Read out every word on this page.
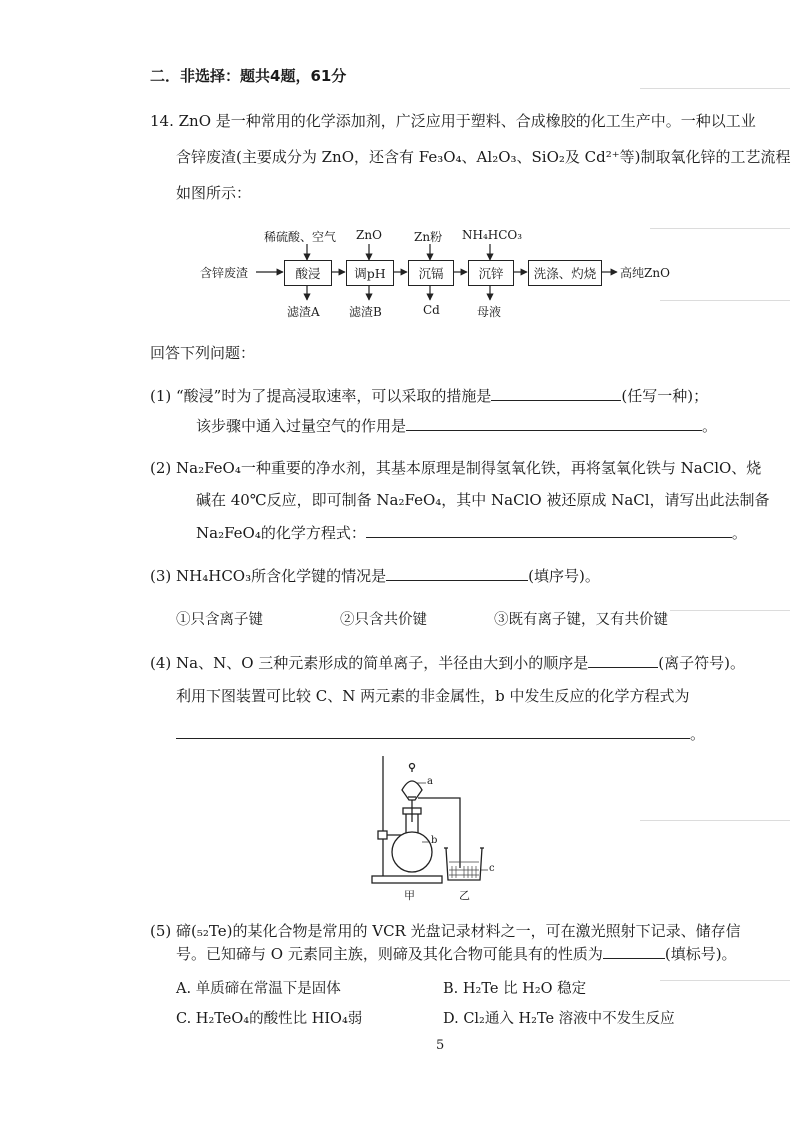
二．非选择：题共4题，61分
14. ZnO 是一种常用的化学添加剂，广泛应用于塑料、合成橡胶的化工生产中。一种以工业
含锌废渣(主要成分为 ZnO，还含有 Fe₃O₄、Al₂O₃、SiO₂及 Cd²⁺等)制取氧化锌的工艺流程
如图所示：
含锌废渣	酸浸	调pH	沉镉	沉锌	洗涤、灼烧	高纯ZnO
稀硫酸、空气 ZnO	Zn粉 NH₄HCO₃
滤渣A 滤渣B	Cd	母液
回答下列问题：
(1) “酸浸”时为了提高浸取速率，可以采取的措施是	(任写一种)；
该步骤中通入过量空气的作用是	。
(2) Na₂FeO₄一种重要的净水剂，其基本原理是制得氢氧化铁，再将氢氧化铁与 NaClO、烧
碱在 40℃反应，即可制备 Na₂FeO₄，其中 NaClO 被还原成 NaCl，请写出此法制备
Na₂FeO₄的化学方程式：	。
(3) NH₄HCO₃所含化学键的情况是	(填序号)。
①只含离子键	②只含共价键	③既有离子键，又有共价键
(4) Na、N、O 三种元素形成的简单离子，半径由大到小的顺序是	(离子符号)。
利用下图装置可比较 C、N 两元素的非金属性，b 中发生反应的化学方程式为
。
a
b
c
甲	乙
(5) 碲(₅₂Te)的某化合物是常用的 VCR 光盘记录材料之一，可在激光照射下记录、储存信
号。已知碲与 O 元素同主族，则碲及其化合物可能具有的性质为	(填标号)。
A. 单质碲在常温下是固体	B. H₂Te 比 H₂O 稳定
C. H₂TeO₄的酸性比 HIO₄弱	D. Cl₂通入 H₂Te 溶液中不发生反应
5
